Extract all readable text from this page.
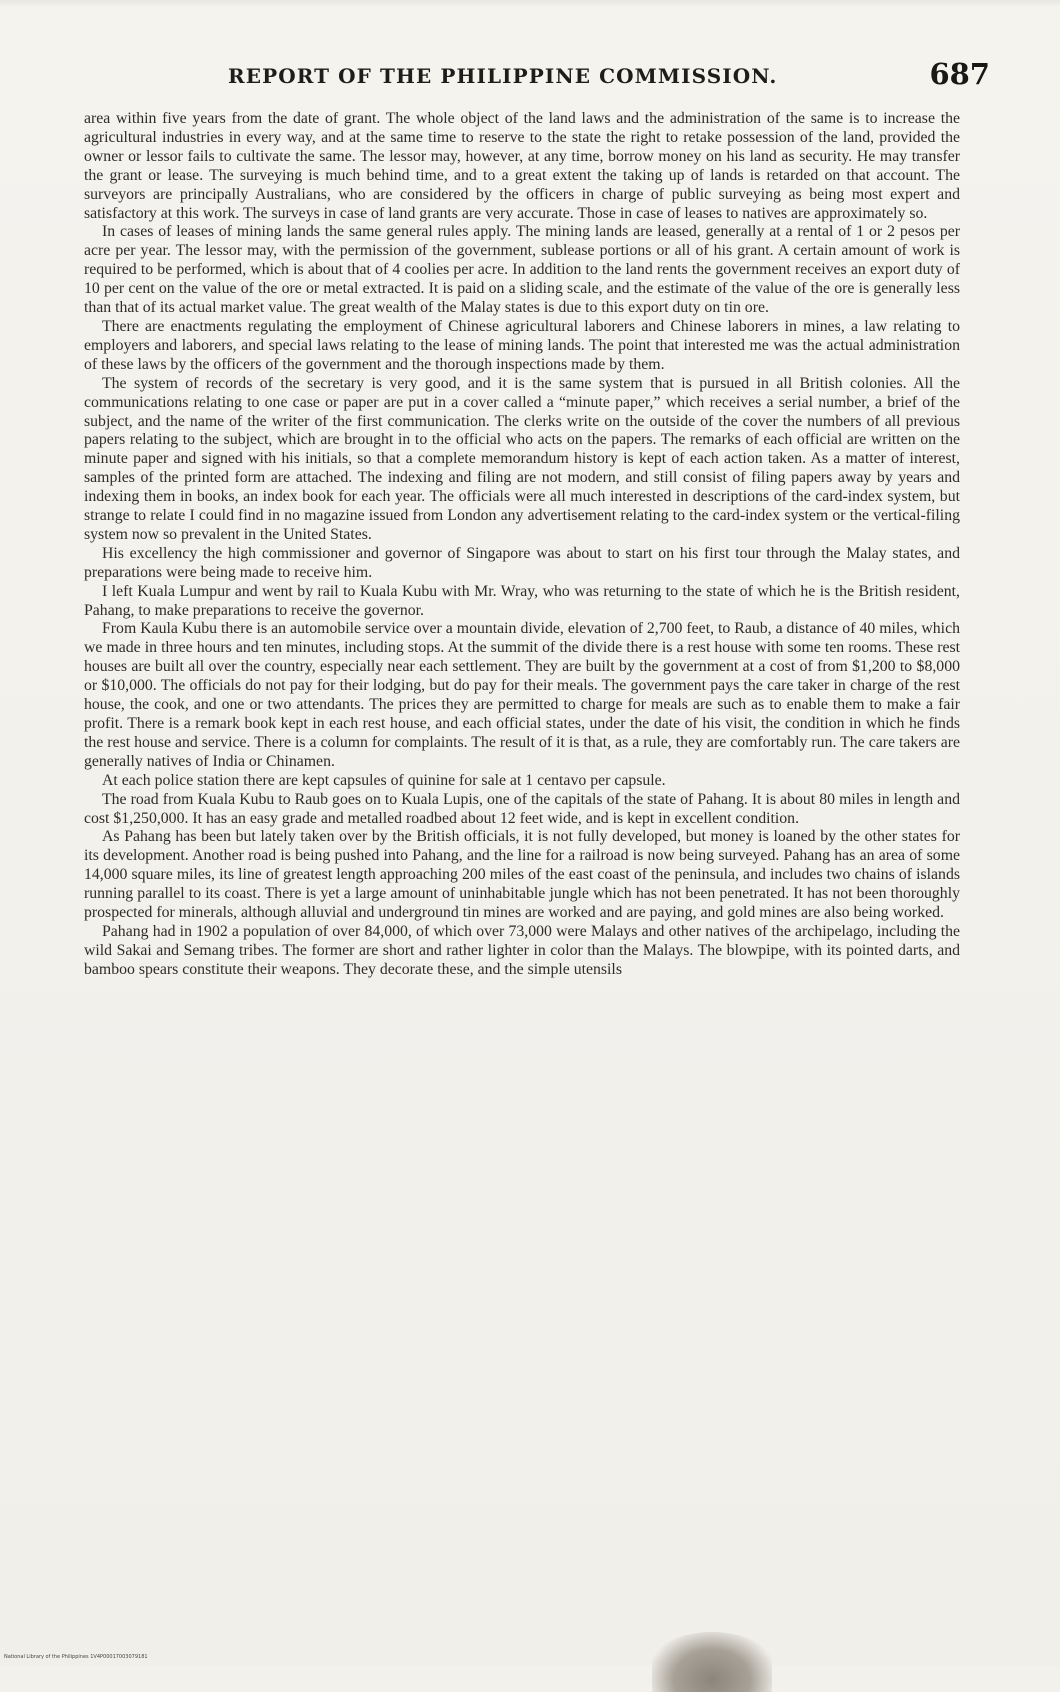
REPORT OF THE PHILIPPINE COMMISSION.	687

area within five years from the date of grant. The whole object of the land laws and the administration of the same is to increase the agricultural industries in every way, and at the same time to reserve to the state the right to retake possession of the land, provided the owner or lessor fails to cultivate the same. The lessor may, however, at any time, borrow money on his land as security. He may transfer the grant or lease. The surveying is much behind time, and to a great extent the taking up of lands is retarded on that account. The surveyors are principally Australians, who are considered by the officers in charge of public surveying as being most expert and satisfactory at this work. The surveys in case of land grants are very accurate. Those in case of leases to natives are approximately so.

In cases of leases of mining lands the same general rules apply. The mining lands are leased, generally at a rental of 1 or 2 pesos per acre per year. The lessor may, with the permission of the government, sublease portions or all of his grant. A certain amount of work is required to be performed, which is about that of 4 coolies per acre. In addition to the land rents the government receives an export duty of 10 per cent on the value of the ore or metal extracted. It is paid on a sliding scale, and the estimate of the value of the ore is generally less than that of its actual market value. The great wealth of the Malay states is due to this export duty on tin ore.

There are enactments regulating the employment of Chinese agricultural laborers and Chinese laborers in mines, a law relating to employers and laborers, and special laws relating to the lease of mining lands. The point that interested me was the actual administration of these laws by the officers of the government and the thorough inspections made by them.

The system of records of the secretary is very good, and it is the same system that is pursued in all British colonies. All the communications relating to one case or paper are put in a cover called a “minute paper,” which receives a serial number, a brief of the subject, and the name of the writer of the first communication. The clerks write on the outside of the cover the numbers of all previous papers relating to the subject, which are brought in to the official who acts on the papers. The remarks of each official are written on the minute paper and signed with his initials, so that a complete memorandum history is kept of each action taken. As a matter of interest, samples of the printed form are attached. The indexing and filing are not modern, and still consist of filing papers away by years and indexing them in books, an index book for each year. The officials were all much interested in descriptions of the card-index system, but strange to relate I could find in no magazine issued from London any advertisement relating to the card-index system or the vertical-filing system now so prevalent in the United States.

His excellency the high commissioner and governor of Singapore was about to start on his first tour through the Malay states, and preparations were being made to receive him.

I left Kuala Lumpur and went by rail to Kuala Kubu with Mr. Wray, who was returning to the state of which he is the British resident, Pahang, to make preparations to receive the governor.

From Kaula Kubu there is an automobile service over a mountain divide, elevation of 2,700 feet, to Raub, a distance of 40 miles, which we made in three hours and ten minutes, including stops. At the summit of the divide there is a rest house with some ten rooms. These rest houses are built all over the country, especially near each settlement. They are built by the government at a cost of from $1,200 to $8,000 or $10,000. The officials do not pay for their lodging, but do pay for their meals. The government pays the care taker in charge of the rest house, the cook, and one or two attendants. The prices they are permitted to charge for meals are such as to enable them to make a fair profit. There is a remark book kept in each rest house, and each official states, under the date of his visit, the condition in which he finds the rest house and service. There is a column for complaints. The result of it is that, as a rule, they are comfortably run. The care takers are generally natives of India or Chinamen.

At each police station there are kept capsules of quinine for sale at 1 centavo per capsule.

The road from Kuala Kubu to Raub goes on to Kuala Lupis, one of the capitals of the state of Pahang. It is about 80 miles in length and cost $1,250,000. It has an easy grade and metalled roadbed about 12 feet wide, and is kept in excellent condition.

As Pahang has been but lately taken over by the British officials, it is not fully developed, but money is loaned by the other states for its development. Another road is being pushed into Pahang, and the line for a railroad is now being surveyed. Pahang has an area of some 14,000 square miles, its line of greatest length approaching 200 miles of the east coast of the peninsula, and includes two chains of islands running parallel to its coast. There is yet a large amount of uninhabitable jungle which has not been penetrated. It has not been thoroughly prospected for minerals, although alluvial and underground tin mines are worked and are paying, and gold mines are also being worked.

Pahang had in 1902 a population of over 84,000, of which over 73,000 were Malays and other natives of the archipelago, including the wild Sakai and Semang tribes. The former are short and rather lighter in color than the Malays. The blowpipe, with its pointed darts, and bamboo spears constitute their weapons. They decorate these, and the simple utensils

National Library of the Philippines 1V4P00017003079181
